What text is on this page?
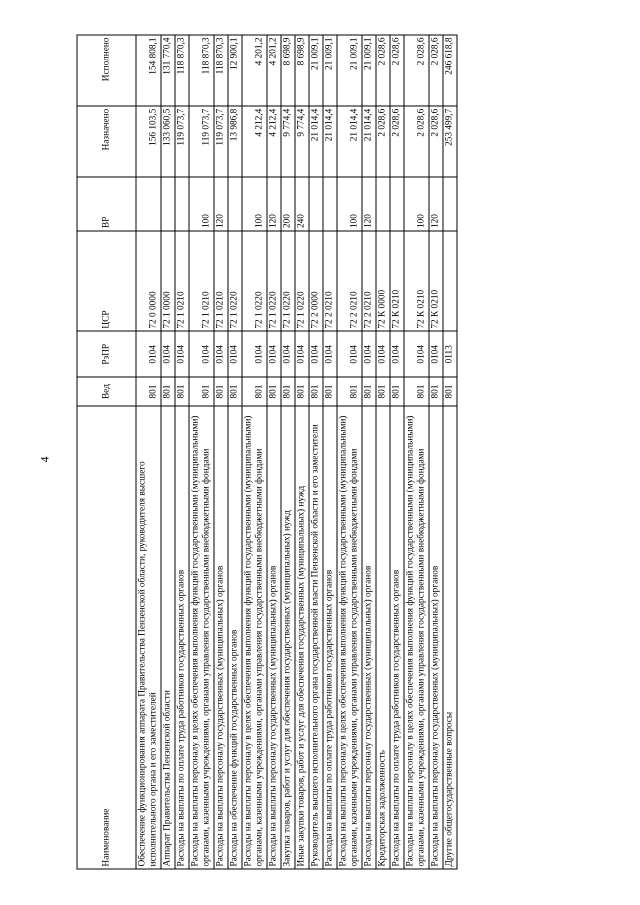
4
Наименование	Вед	РзПР	ЦСР	ВР	Назначено	Исполнено
Обеспечение функционирования аппарата Правительства Пензенской области, руководителя высшего исполнительного органа и его заместителей	801	0104	72 0 0000		156 103,5	154 808,1
Аппарат Правительства Пензенской области	801	0104	72 1 0000		133 060,5	131 770,4
Расходы на выплаты по оплате труда работников государственных органов	801	0104	72 1 0210		119 073,7	118 870,3
Расходы на выплаты персоналу в целях обеспечения выполнения функций государственными (муниципальными) органами, казенными учреждениями, органами управления государственными внебюджетными фондами	801	0104	72 1 0210	100	119 073,7	118 870,3
Расходы на выплаты персоналу государственных (муниципальных) органов	801	0104	72 1 0210	120	119 073,7	118 870,3
Расходы на обеспечение функций государственных органов	801	0104	72 1 0220		13 986,8	12 900,1
Расходы на выплаты персоналу в целях обеспечения выполнения функций государственными (муниципальными) органами, казенными учреждениями, органами управления государственными внебюджетными фондами	801	0104	72 1 0220	100	4 212,4	4 201,2
Расходы на выплаты персоналу государственных (муниципальных) органов	801	0104	72 1 0220	120	4 212,4	4 201,2
Закупка товаров, работ и услуг для обеспечения государственных (муниципальных) нужд	801	0104	72 1 0220	200	9 774,4	8 698,9
Иные закупки товаров, работ и услуг для обеспечения государственных (муниципальных) нужд	801	0104	72 1 0220	240	9 774,4	8 698,9
Руководитель высшего исполнительного органа государственной власти Пензенской области и его заместители	801	0104	72 2 0000		21 014,4	21 009,1
Расходы на выплаты по оплате труда работников государственных органов	801	0104	72 2 0210		21 014,4	21 009,1
Расходы на выплаты персоналу в целях обеспечения выполнения функций государственными (муниципальными) органами, казенными учреждениями, органами управления государственными внебюджетными фондами	801	0104	72 2 0210	100	21 014,4	21 009,1
Расходы на выплаты персоналу государственных (муниципальных) органов	801	0104	72 2 0210	120	21 014,4	21 009,1
Кредиторская задолженность	801	0104	72 К 0000		2 028,6	2 028,6
Расходы на выплаты по оплате труда работников государственных органов	801	0104	72 К 0210		2 028,6	2 028,6
Расходы на выплаты персоналу в целях обеспечения выполнения функций государственными (муниципальными) органами, казенными учреждениями, органами управления государственными внебюджетными фондами	801	0104	72 К 0210	100	2 028,6	2 028,6
Расходы на выплаты персоналу государственных (муниципальных) органов	801	0104	72 К 0210	120	2 028,6	2 028,6
Другие общегосударственные вопросы	801	0113			253 499,7	246 618,8
